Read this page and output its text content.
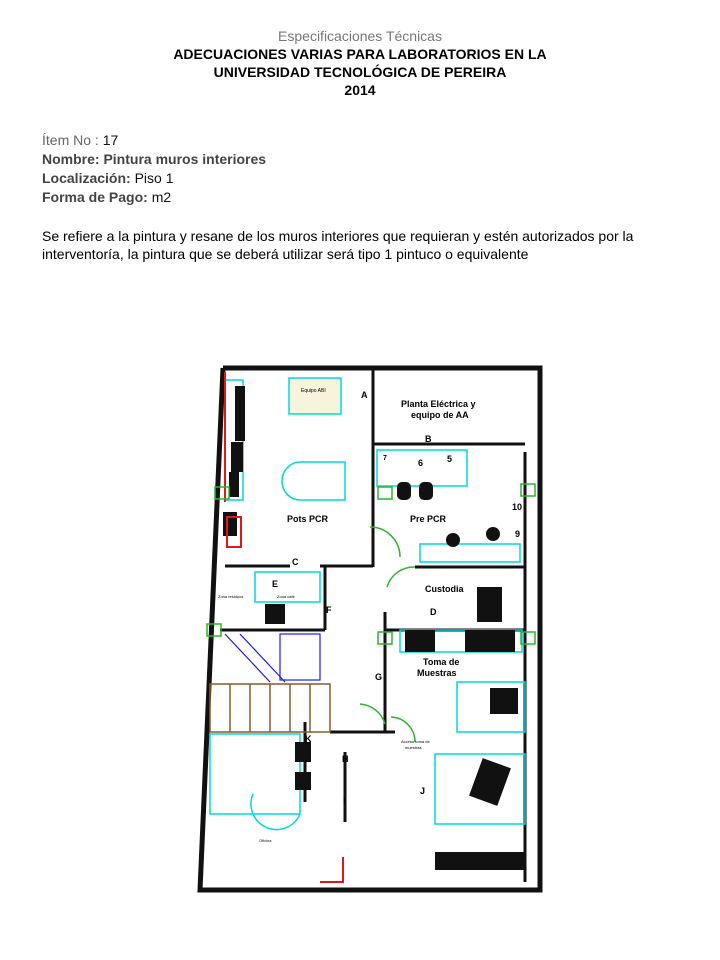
Especificaciones Técnicas
ADECUACIONES VARIAS PARA LABORATORIOS EN LA
UNIVERSIDAD TECNOLÓGICA DE PEREIRA
2014
Ítem No : 17
Nombre: Pintura muros interiores
Localización: Piso 1
Forma de Pago: m2
Se refiere a la pintura y resane de los muros interiores que requieran y estén autorizados por la interventoría, la pintura que se deberá utilizar será tipo 1 pintuco o equivalente
Equipo ABI
Planta Eléctrica y
equipo de AA
Pots PCR	Pre PCR
Custodia
Toma de
Muestras
Zona residuos	Zona café
Acceso toma de
muestras
Oficina
A
B
C
D
E
F
G
H
I
J
K
6	5
7
9
10
